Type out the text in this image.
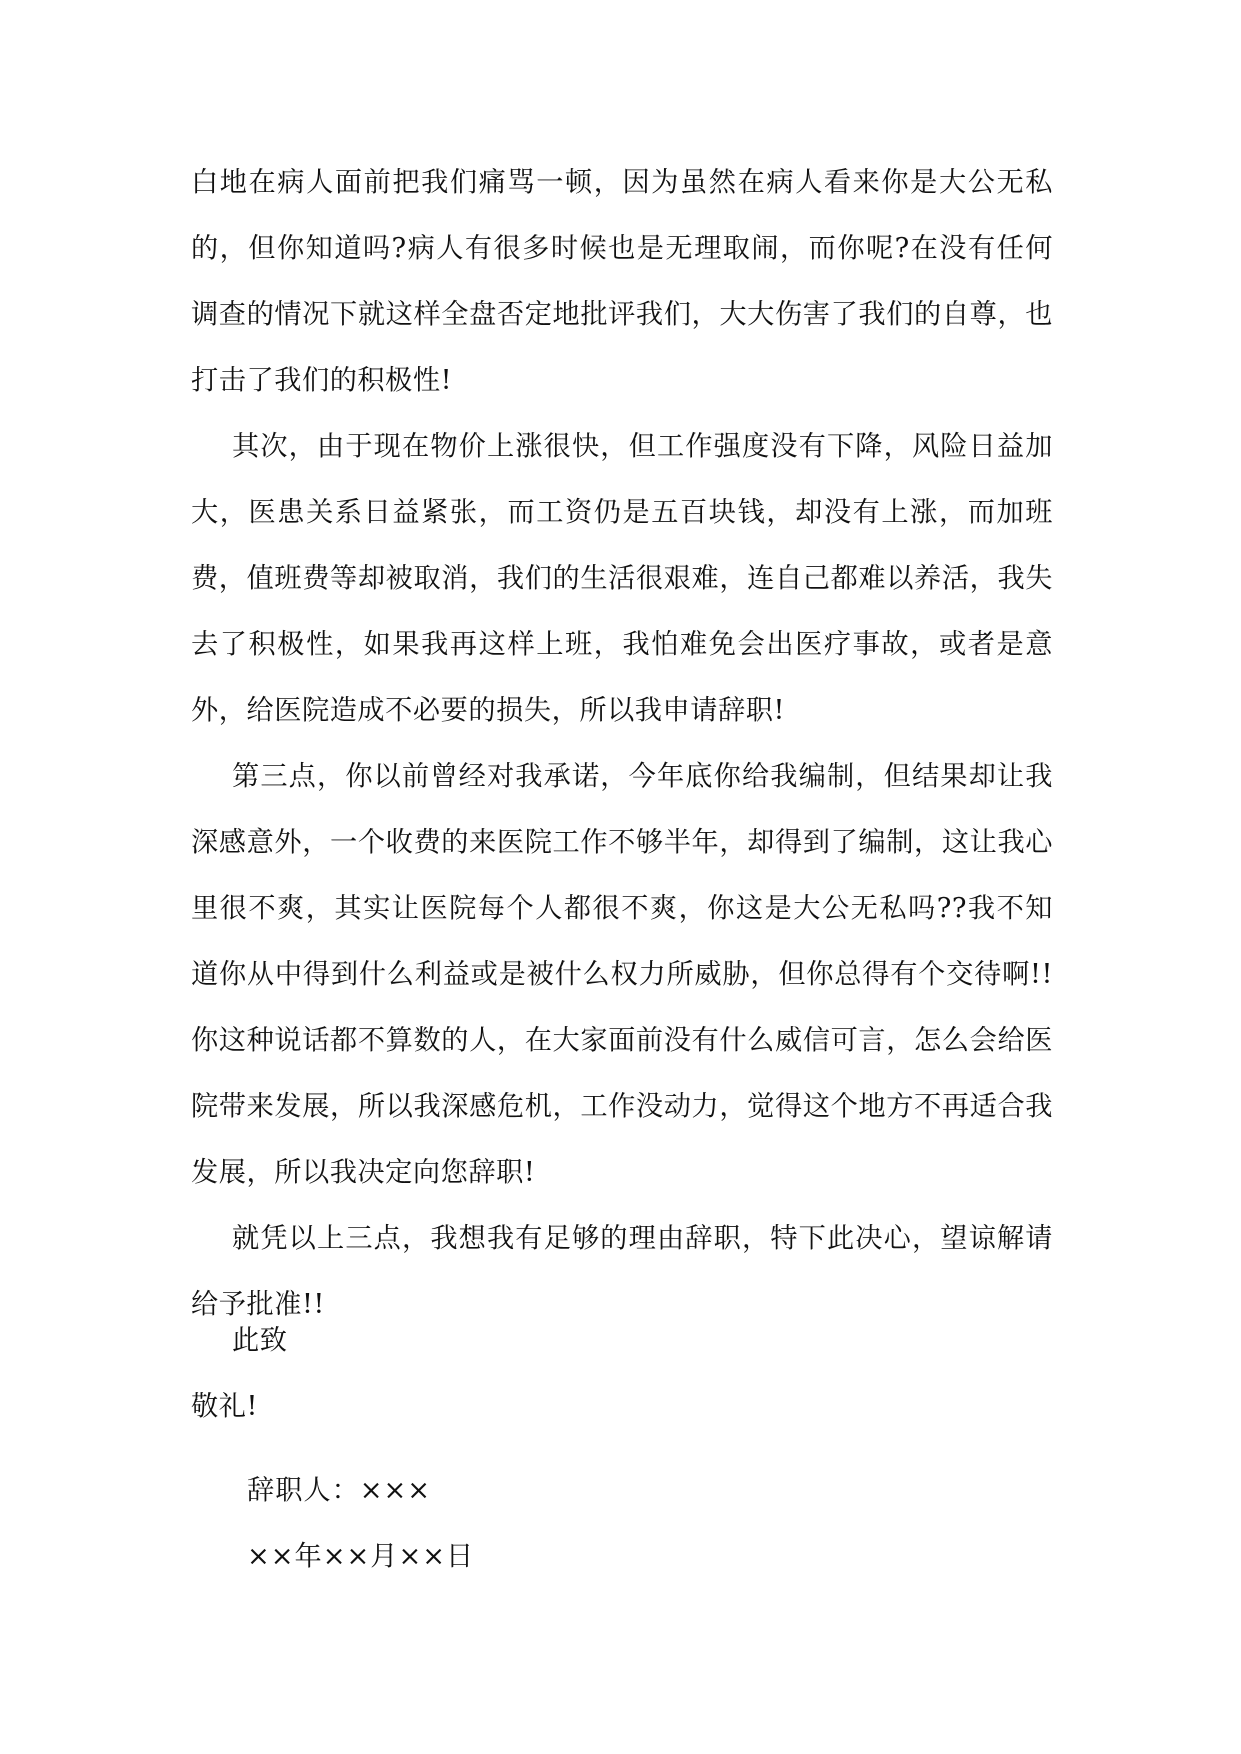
白地在病人面前把我们痛骂一顿，因为虽然在病人看来你是大公无私的，但你知道吗?病人有很多时候也是无理取闹，而你呢?在没有任何调查的情况下就这样全盘否定地批评我们，大大伤害了我们的自尊，也打击了我们的积极性!

其次，由于现在物价上涨很快，但工作强度没有下降，风险日益加大，医患关系日益紧张，而工资仍是五百块钱，却没有上涨，而加班费，值班费等却被取消，我们的生活很艰难，连自己都难以养活，我失去了积极性，如果我再这样上班，我怕难免会出医疗事故，或者是意外，给医院造成不必要的损失，所以我申请辞职!

第三点，你以前曾经对我承诺，今年底你给我编制，但结果却让我深感意外，一个收费的来医院工作不够半年，却得到了编制，这让我心里很不爽，其实让医院每个人都很不爽，你这是大公无私吗??我不知道你从中得到什么利益或是被什么权力所威胁，但你总得有个交待啊!!你这种说话都不算数的人，在大家面前没有什么威信可言，怎么会给医院带来发展，所以我深感危机，工作没动力，觉得这个地方不再适合我发展，所以我决定向您辞职!

就凭以上三点，我想我有足够的理由辞职，特下此决心，望谅解请给予批准!!

此致
敬礼!
辞职人：×××
××年××月××日
